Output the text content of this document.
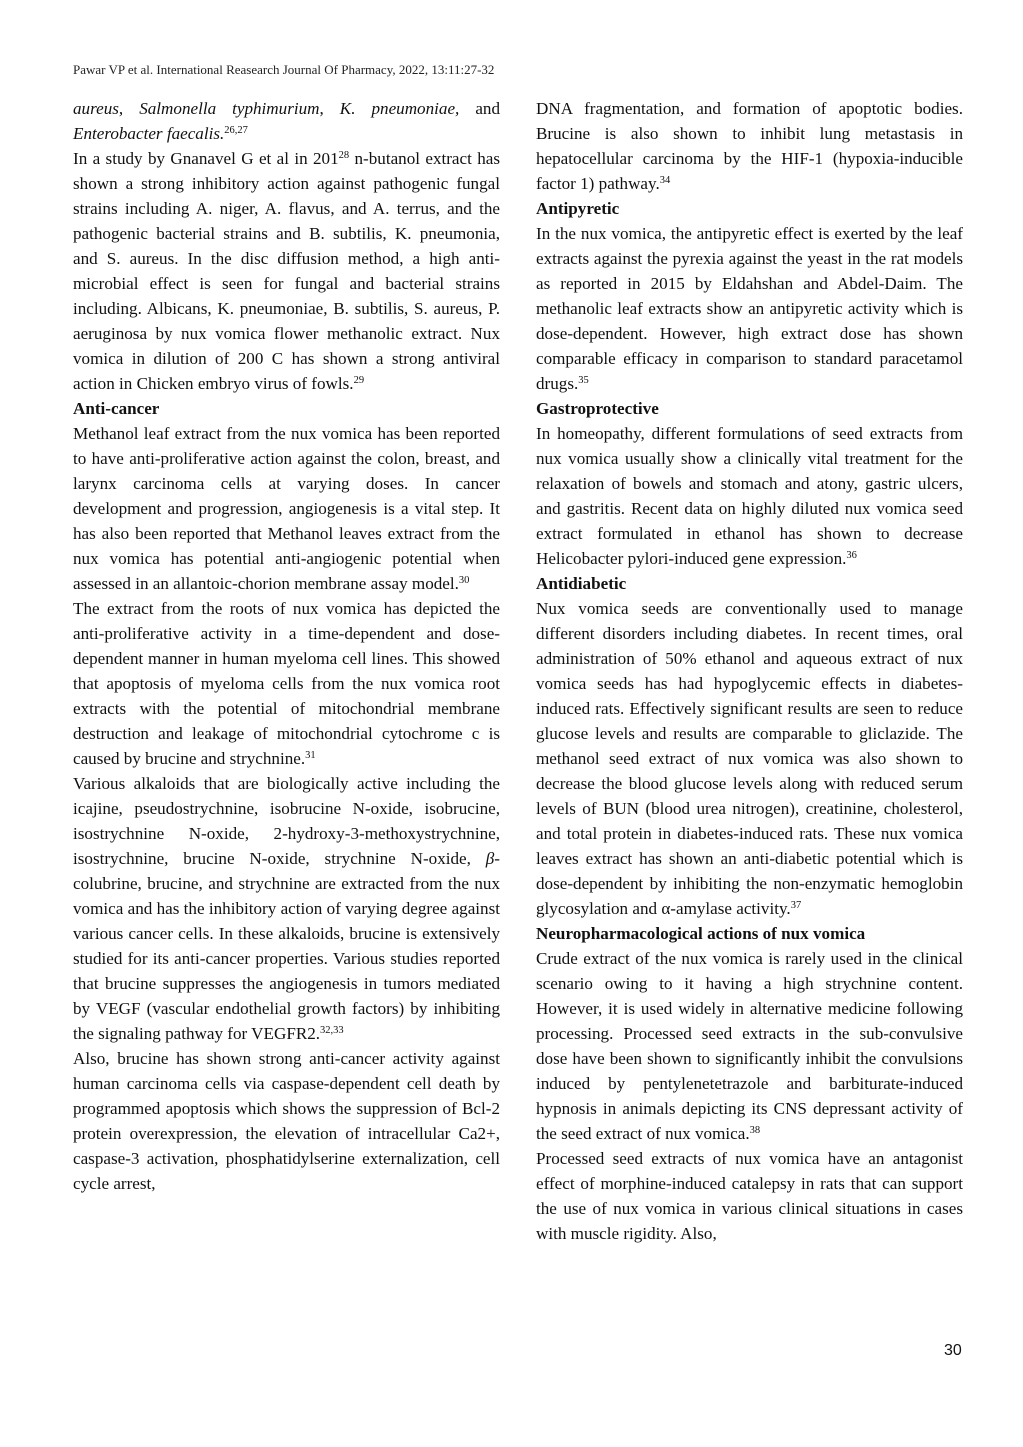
Pawar VP et al. International Reasearch Journal Of Pharmacy, 2022, 13:11:27-32

aureus, Salmonella typhimurium, K. pneumoniae, and Enterobacter faecalis.$^{26,27}$

In a study by Gnanavel G et al in $201^{28}$ n-butanol extract has shown a strong inhibitory action against pathogenic fungal strains including A. niger, A. flavus, and A. terrus, and the pathogenic bacterial strains and B. subtilis, K. pneumonia, and S. aureus. In the disc diffusion method, a high anti-microbial effect is seen for fungal and bacterial strains including. Albicans, K. pneumoniae, B. subtilis, S. aureus, P. aeruginosa by nux vomica flower methanolic extract. Nux vomica in dilution of 200 C has shown a strong antiviral action in Chicken embryo virus of fowls.$^{29}$

Anti-cancer

Methanol leaf extract from the nux vomica has been reported to have anti-proliferative action against the colon, breast, and larynx carcinoma cells at varying doses. In cancer development and progression, angiogenesis is a vital step. It has also been reported that Methanol leaves extract from the nux vomica has potential anti-angiogenic potential when assessed in an allantoic-chorion membrane assay model.$^{30}$

The extract from the roots of nux vomica has depicted the anti-proliferative activity in a time-dependent and dose-dependent manner in human myeloma cell lines. This showed that apoptosis of myeloma cells from the nux vomica root extracts with the potential of mitochondrial membrane destruction and leakage of mitochondrial cytochrome c is caused by brucine and strychnine.$^{31}$

Various alkaloids that are biologically active including the icajine, pseudostrychnine, isobrucine N-oxide, isobrucine, isostrychnine N-oxide, 2-hydroxy-3-methoxystrychnine, isostrychnine, brucine N-oxide, strychnine N-oxide, β-colubrine, brucine, and strychnine are extracted from the nux vomica and has the inhibitory action of varying degree against various cancer cells. In these alkaloids, brucine is extensively studied for its anti-cancer properties. Various studies reported that brucine suppresses the angiogenesis in tumors mediated by VEGF (vascular endothelial growth factors) by inhibiting the signaling pathway for VEGFR2.$^{32,33}$

Also, brucine has shown strong anti-cancer activity against human carcinoma cells via caspase-dependent cell death by programmed apoptosis which shows the suppression of Bcl-2 protein overexpression, the elevation of intracellular Ca2+, caspase-3 activation, phosphatidylserine externalization, cell cycle arrest,

DNA fragmentation, and formation of apoptotic bodies. Brucine is also shown to inhibit lung metastasis in hepatocellular carcinoma by the HIF-1 (hypoxia-inducible factor 1) pathway.$^{34}$

Antipyretic

In the nux vomica, the antipyretic effect is exerted by the leaf extracts against the pyrexia against the yeast in the rat models as reported in 2015 by Eldahshan and Abdel-Daim. The methanolic leaf extracts show an antipyretic activity which is dose-dependent. However, high extract dose has shown comparable efficacy in comparison to standard paracetamol drugs.$^{35}$

Gastroprotective

In homeopathy, different formulations of seed extracts from nux vomica usually show a clinically vital treatment for the relaxation of bowels and stomach and atony, gastric ulcers, and gastritis. Recent data on highly diluted nux vomica seed extract formulated in ethanol has shown to decrease Helicobacter pylori-induced gene expression.$^{36}$

Antidiabetic

Nux vomica seeds are conventionally used to manage different disorders including diabetes. In recent times, oral administration of 50% ethanol and aqueous extract of nux vomica seeds has had hypoglycemic effects in diabetes-induced rats. Effectively significant results are seen to reduce glucose levels and results are comparable to gliclazide. The methanol seed extract of nux vomica was also shown to decrease the blood glucose levels along with reduced serum levels of BUN (blood urea nitrogen), creatinine, cholesterol, and total protein in diabetes-induced rats. These nux vomica leaves extract has shown an anti-diabetic potential which is dose-dependent by inhibiting the non-enzymatic hemoglobin glycosylation and α-amylase activity.$^{37}$

Neuropharmacological actions of nux vomica

Crude extract of the nux vomica is rarely used in the clinical scenario owing to it having a high strychnine content. However, it is used widely in alternative medicine following processing. Processed seed extracts in the sub-convulsive dose have been shown to significantly inhibit the convulsions induced by pentylenetetrazole and barbiturate-induced hypnosis in animals depicting its CNS depressant activity of the seed extract of nux vomica.$^{38}$

Processed seed extracts of nux vomica have an antagonist effect of morphine-induced catalepsy in rats that can support the use of nux vomica in various clinical situations in cases with muscle rigidity. Also,

30
